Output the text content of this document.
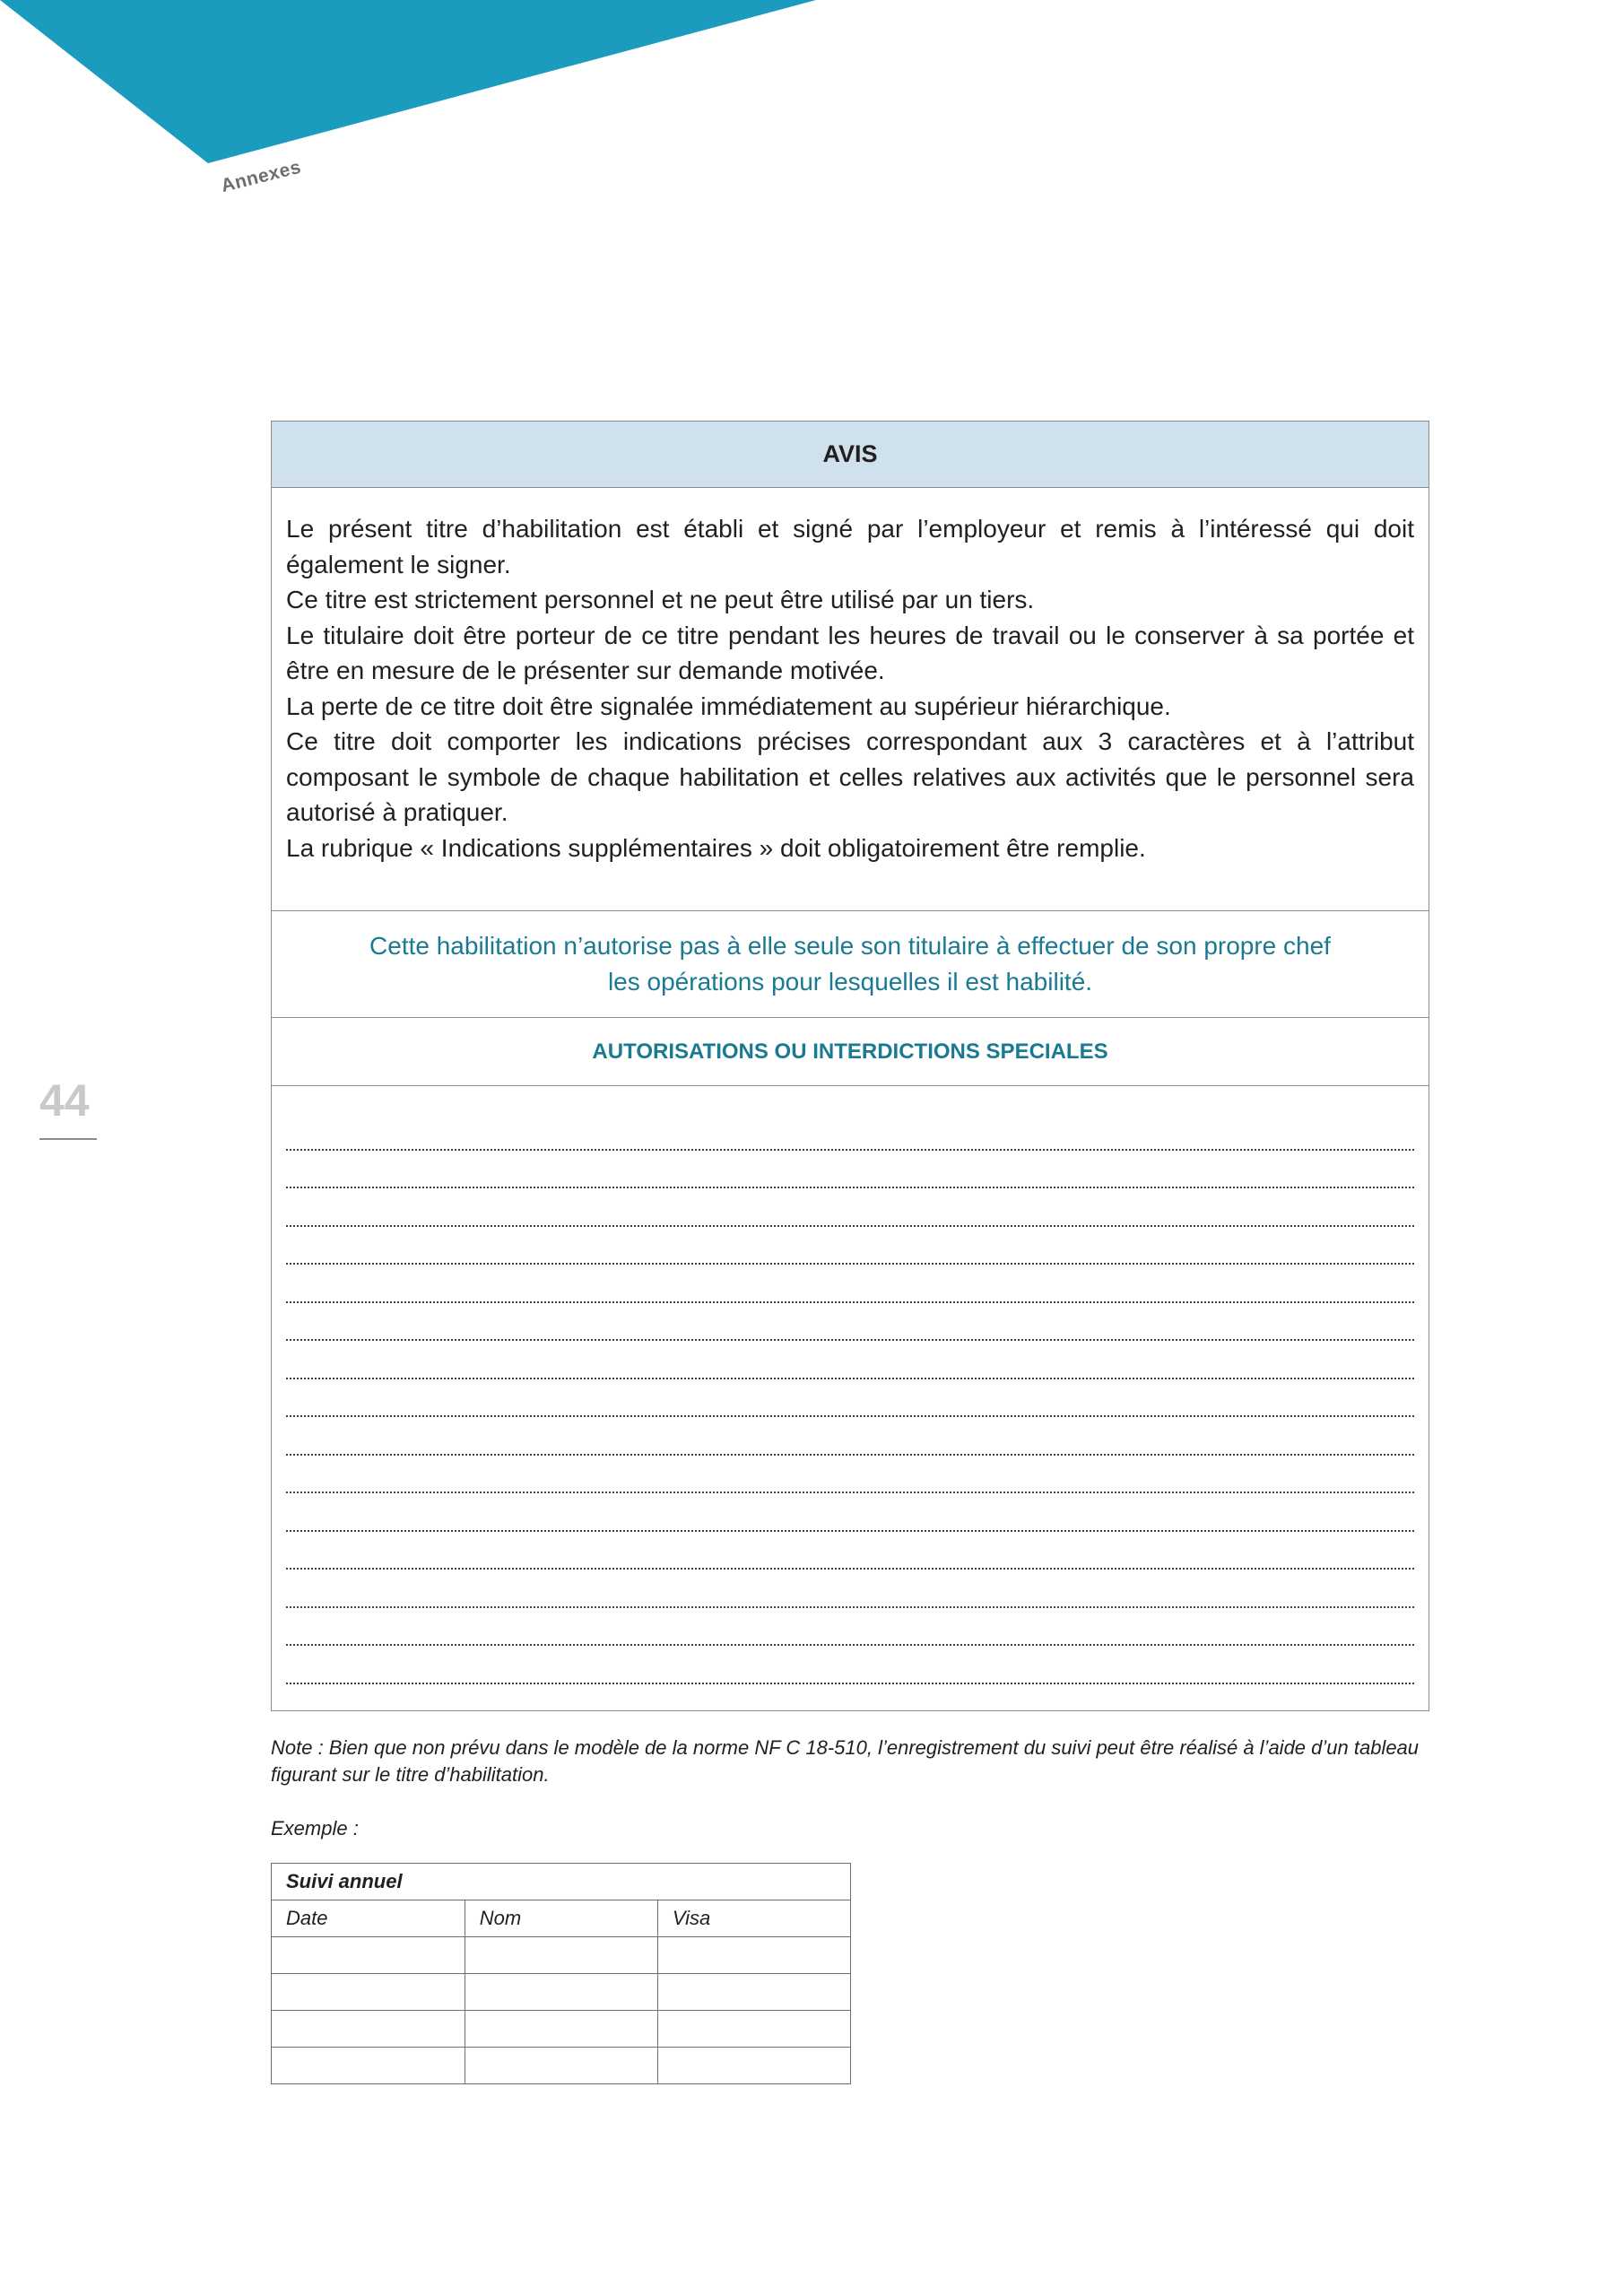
Annexes
44
AVIS

Le présent titre d’habilitation est établi et signé par l’employeur et remis à l’intéressé qui doit également le signer.

Ce titre est strictement personnel et ne peut être utilisé par un tiers.

Le titulaire doit être porteur de ce titre pendant les heures de travail ou le conserver à sa portée et être en mesure de le présenter sur demande motivée.

La perte de ce titre doit être signalée immédiatement au supérieur hiérarchique.

Ce titre doit comporter les indications précises correspondant aux 3 caractères et à l’attribut composant le symbole de chaque habilitation et celles relatives aux activités que le personnel sera autorisé à pratiquer.

La rubrique « Indications supplémentaires » doit obligatoirement être remplie.

Cette habilitation n’autorise pas à elle seule son titulaire à effectuer de son propre chef
les opérations pour lesquelles il est habilité.
AUTORISATIONS OU INTERDICTIONS SPECIALES
Note : Bien que non prévu dans le modèle de la norme NF C 18-510, l’enregistrement du suivi peut être réalisé à l’aide d’un tableau figurant sur le titre d’habilitation.
Exemple :
Suivi annuel		
Date	Nom	Visa
